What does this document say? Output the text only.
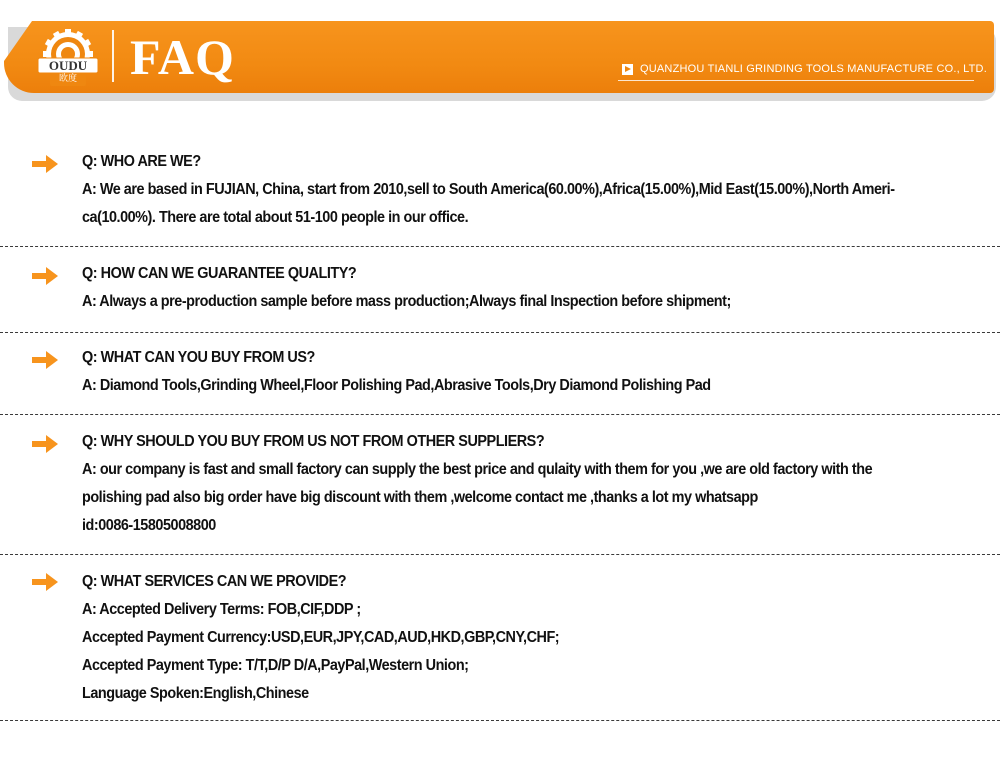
OUDU
欧度 FAQ	QUANZHOU TIANLI GRINDING TOOLS MANUFACTURE CO., LTD.

Q: WHO ARE WE?

A: We are based in FUJIAN, China, start from 2010,sell to South America(60.00%),Africa(15.00%),Mid East(15.00%),North Ameri-

ca(10.00%). There are total about 51-100 people in our office.

Q: HOW CAN WE GUARANTEE QUALITY?

A: Always a pre-production sample before mass production;Always final Inspection before shipment;

Q: WHAT CAN YOU BUY FROM US?

A: Diamond Tools,Grinding Wheel,Floor Polishing Pad,Abrasive Tools,Dry Diamond Polishing Pad

Q: WHY SHOULD YOU BUY FROM US NOT FROM OTHER SUPPLIERS?

A: our company is fast and small factory can supply the best price and qulaity with them for you ,we are old factory with the

polishing pad also big order have big discount with them ,welcome contact me ,thanks a lot my whatsapp

id:0086-15805008800

Q: WHAT SERVICES CAN WE PROVIDE?

A: Accepted Delivery Terms: FOB,CIF,DDP ;

Accepted Payment Currency:USD,EUR,JPY,CAD,AUD,HKD,GBP,CNY,CHF;

Accepted Payment Type: T/T,D/P D/A,PayPal,Western Union;

Language Spoken:English,Chinese
